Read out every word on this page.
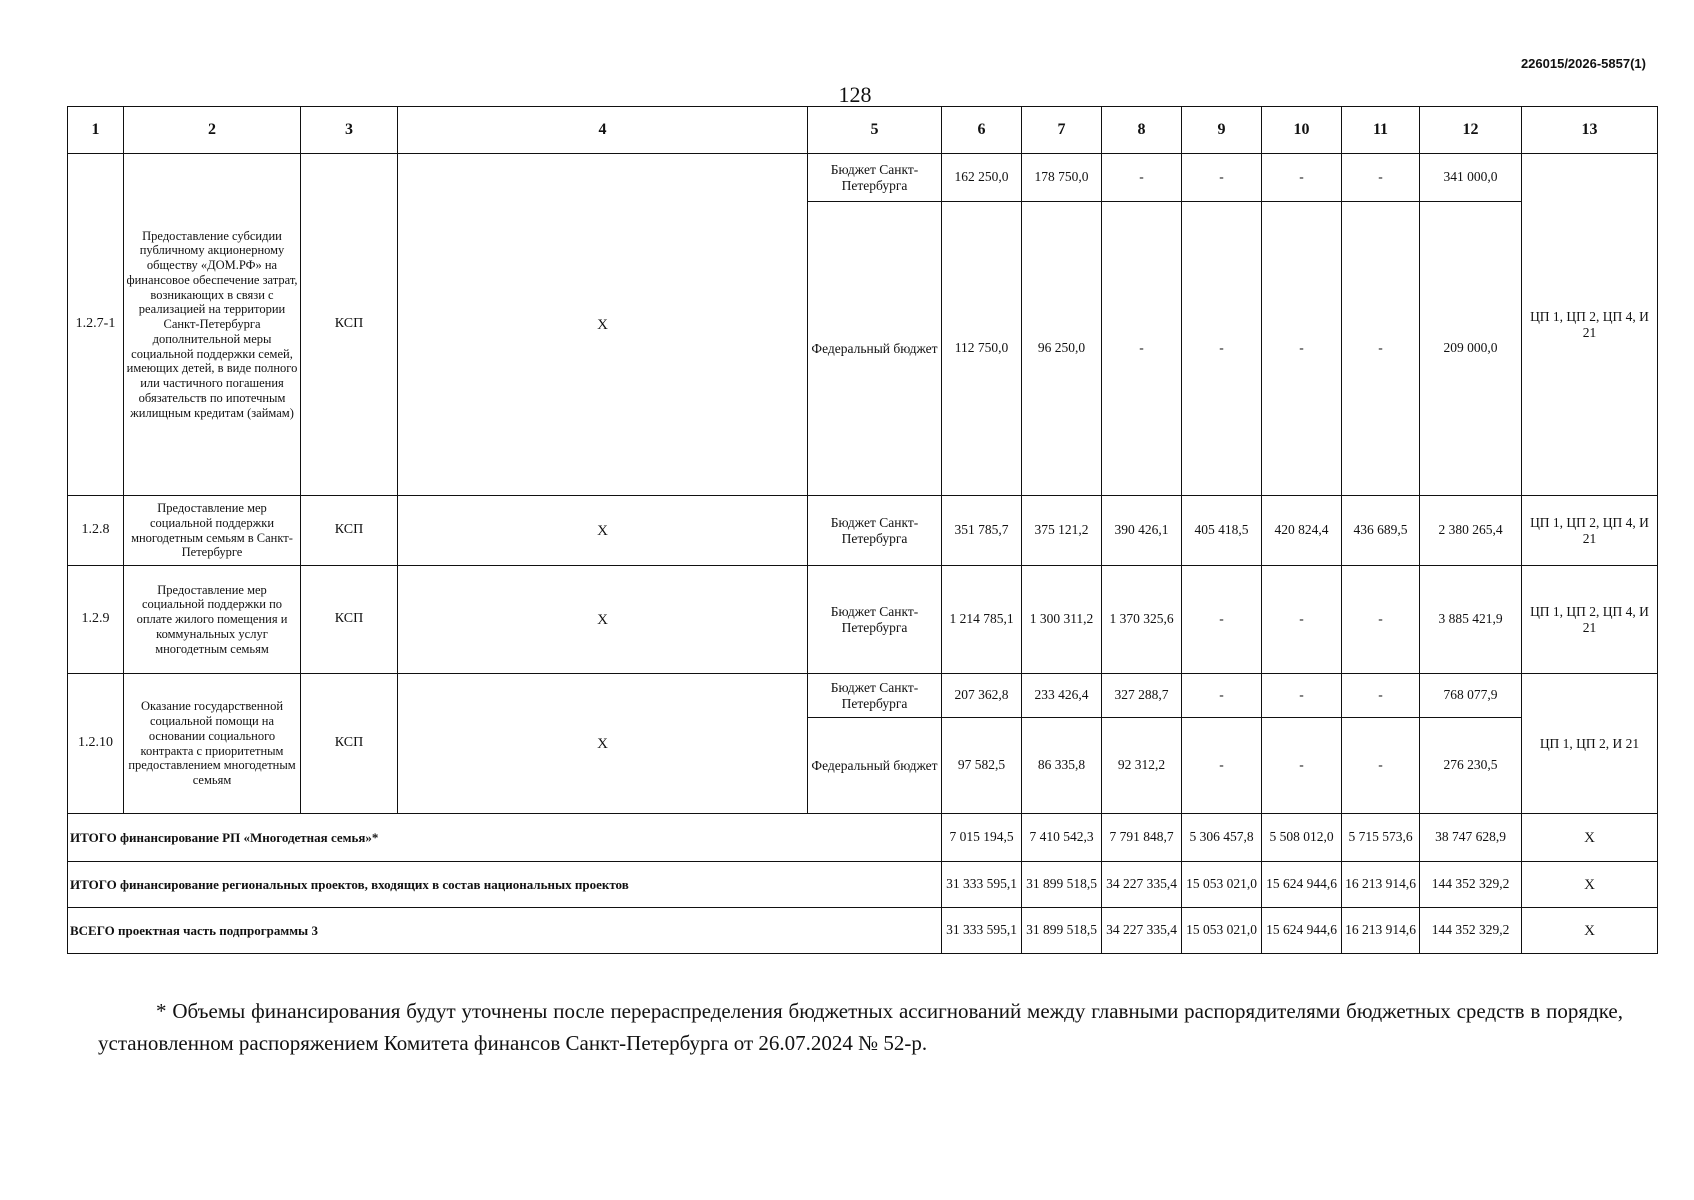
226015/2026-5857(1)
128
1	2	3	4	5	6	7	8	9	10	11	12	13
1.2.7-1	Предоставление субсидии публичному акционерному обществу «ДОМ.РФ» на финансовое обеспечение затрат, возникающих в связи с реализацией на территории Санкт-Петербурга дополнительной меры социальной поддержки семей, имеющих детей, в виде полного или частичного погашения обязательств по ипотечным жилищным кредитам (займам)	КСП	X	Бюджет Санкт-Петербурга	162 250,0	178 750,0	-	-	-	-	341 000,0	ЦП 1, ЦП 2, ЦП 4, И 21
				Федеральный бюджет	112 750,0	96 250,0	-	-	-	-	209 000,0	
1.2.8	Предоставление мер социальной поддержки многодетным семьям в Санкт-Петербурге	КСП	X	Бюджет Санкт-Петербурга	351 785,7	375 121,2	390 426,1	405 418,5	420 824,4	436 689,5	2 380 265,4	ЦП 1, ЦП 2, ЦП 4, И 21
1.2.9	Предоставление мер социальной поддержки по оплате жилого помещения и коммунальных услуг многодетным семьям	КСП	X	Бюджет Санкт-Петербурга	1 214 785,1	1 300 311,2	1 370 325,6	-	-	-	3 885 421,9	ЦП 1, ЦП 2, ЦП 4, И 21
1.2.10	Оказание государственной социальной помощи на основании социального контракта с приоритетным предоставлением многодетным семьям	КСП	X	Бюджет Санкт-Петербурга	207 362,8	233 426,4	327 288,7	-	-	-	768 077,9	ЦП 1, ЦП 2, И 21
				Федеральный бюджет	97 582,5	86 335,8	92 312,2	-	-	-	276 230,5	
ИТОГО финансирование РП «Многодетная семья»*					7 015 194,5	7 410 542,3	7 791 848,7	5 306 457,8	5 508 012,0	5 715 573,6	38 747 628,9	X
ИТОГО финансирование региональных проектов, входящих в состав национальных проектов					31 333 595,1	31 899 518,5	34 227 335,4	15 053 021,0	15 624 944,6	16 213 914,6	144 352 329,2	X
ВСЕГО проектная часть подпрограммы 3					31 333 595,1	31 899 518,5	34 227 335,4	15 053 021,0	15 624 944,6	16 213 914,6	144 352 329,2	X

* Объемы финансирования будут уточнены после перераспределения бюджетных ассигнований между главными распорядителями бюджетных средств в порядке, установленном распоряжением Комитета финансов Санкт-Петербурга от 26.07.2024 № 52-р.
